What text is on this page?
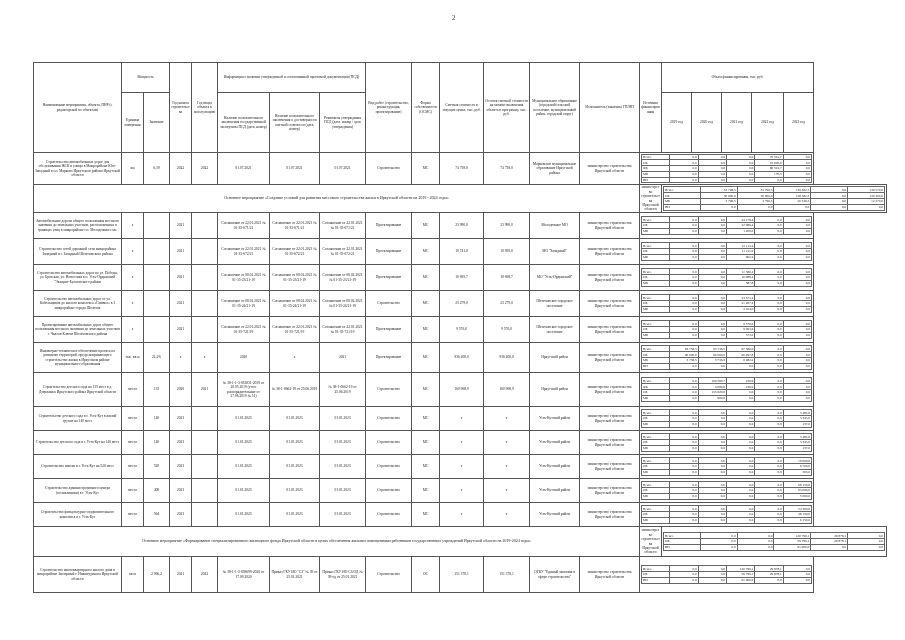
2
Наименование мероприятия, объекта, ПНР (с редакторской по объектам)	Мощность	Год начала строительства	Год ввода объекта в эксплуатацию	Информация о наличии утвержденной и согласованной проектной документации (ПСД)	Вид работ (строительство, реконструкция, проектирование)	Форма собственности (ОСМС)	Сметная стоимость в текущих ценах, тыс. руб.	Остаток сметной стоимости на момент включения объекта в программу, тыс. руб.	Муниципальное образование (городской/сельский поселение, муниципальный район, городской округ)	Исполнитель (заказчик) ГП/НП	Источник финансирования	Объем финансирования, тыс. руб.
Единица измерения	Значение	Наличие положительного заключения государственной экспертизы ПСД (дата, номер)	Наличие положительного заключения о достоверности сметной стоимости (дата, номер)	Реквизиты утверждения ПСД (дата, номер / срок утверждения)	2019 год	2020 год	2021 год	2022 год	2023 год
Строительство автомобильных дорог для обслуживания ЖСК и улицы в Микрорайоне Юго-Западный в г.п. Марково Иркутского района Иркутской области	км	6,39	2022	2022	01.07.2021	01.07.2021	01.07.2021	Строительство	МС	74 758,0	74 758,0	Марковское муниципальное образование Иркутской района	министерство строительства Иркутской области	
Всего	0,0	0,0	0,0	70 591,7	0,0
ОБ	0,0	0,0	0,0	10 000,0	0,0
ФБ	0,0	0,0	0,0	60 591,7	0,0
МБ	0,0	0,0	0,0	170,5	0,0
ВИ	0,0	0,0	0,0	0,0	0,0

Основное мероприятие «Создание условий для развития массового строительства жилья в Иркутской области на 2019 - 2024 годы»	министерство строительства Иркутской области	
Всего	33 796,5	33 796,5	139 562,5	0,0	139 570,0
ОБ	30 000,0	30 000,0	138 582,5	0,0	139 300,0
МБ	3 796,5	3 796,5	20 346,5	0,0	12 270,0
ВИ	0,0	0,0	0,0	0,0	0,0

Автомобильные дороги общего пользования местного значения до земельных участков, расположенных в границах улиц в микрорайоне г.п. Молодежного мо.	х		2021		Соглашение от 22.01.2021 № 01-35-671/21	Соглашение от 22.01.2021 № 01-35-671/21	Соглашение от 22.01.2021 № 01-35-671/21	Проектирование	МС	23 990,0	23 990,0	Молодежное МО	министерство строительства Иркутской области	
Всего	0,0	0,0	24 178,4	0,0	0,0
ОБ	0,0	0,0	22 989,4	0,0	0,0
МБ	0,0	0,0	1 209,0	0,0	0,0

Строительство сетей дорожной сети микрорайона Западный в г. Западный Шелеховского района	х		2021		Соглашение от 22.01.2021 № 01-35-672/21	Соглашение от 22.01.2021 № 01-35-672/21	Соглашение от 22.01.2021 № 01-35-672/21	Проектирование	МС	10 741,0	10 395,0	МО "Западный"	министерство строительства Иркутской области	
Всего	0,0	0,0	12 113,4	0,0	0,0
ОБ	0,0	0,0	11 211,0	0,0	0,0
МБ	0,0	0,0	902,4	0,0	0,0

Строительство автомобильных дорог по ул. Победы, ул. Братская, ул. Новостная в п. Усть-Ордынский "Экхирит-Булагатского района	х		2021		Соглашение от 08.02.2021 № 01-35-23/21-19	Соглашение от 08.02.2021 № 01-35-23/21-19	Соглашение от 08.02.2021 № 01-35-23/21-19	Проектирование	МС	10 695,7	10 698,7	МО "Усть-Ордынский"	министерство строительства Иркутской области	
Всего	0,0	0,0	11 586,4	0,0	0,0
ОБ	0,0	0,0	10 988,4	0,0	0,0
МБ	0,0	0,0	587,8	0,0	0,0

Строительство автомобильных дорог от ул. Кабельщиков до жилого комплекса «Символ» в 3 микрорайоне города Шелехов	х		2021		Соглашение от 08.02.2021 № 01-35-24/21-19	Соглашение от 08.02.2021 № 01-35-24/21-19	Соглашение от 08.02.2021 № 01-35-24/21-19	Строительство	МС	23 279,0	23 279,0	Шелеховское городское поселение	министерство строительства Иркутской области	
Всего	0,0	0,0	23 371,4	0,0	0,0
ОБ	0,0	0,0	21 267,4	0,0	0,0
МБ	0,0	0,0	2 104,0	0,0	0,0

Проектирование автомобильных дорог общего пользования местного значения до земельных участков г. Чкалов Ключи Шелеховского района	х		2021		Соглашение от 22.01.2021 № 01-35-721/19	Соглашение от 22.01.2021 № 01-35-721/19	Соглашение от 22.01.2021 № 01-35-721/19	Проектирование	МС	9 576,0	9 576,0	Шелеховское городское поселение	министерство строительства Иркутской области	
Всего	0,0	0,0	9 576,0	0,0	0,0
ОБ	0,0	0,0	9 003,6	0,0	0,0
МБ	0,0	0,0	573,0	0,0	0,0

Инженерно-техническое обеспечение проекта по развитию территорий, предусматривающего строительство жилья в Иркутском районе муниципального образования	тыс. кв.м	22,2%	х	х	2020	х	2021	Проектирование	МС	936 200,0	936 200,0	Иркутский район	министерство строительства Иркутской области	
Всего	93 736,5	93 736,5	67 580,0	0,0	0,0
ОБ	90 000,0	90 000,0	60 497,8	0,0	0,0
МБ	3 736,5	3 736,5	6 482,2	0,0	0,0
ВИ	0,0	0,0	0,0	0,0	0,0

Строительство детского сада на 135 мест в д. Дзержинск Иркутского района Иркутской области	места	135	2020	2021	№ 38-1-1-3-033831-2019 от 20.05.2019 (уточ. распорядительные от 27.06.2019 № 51)	№ 38-1-0662-19 от 25.06.2019	№ 38-1-0662-19 от 25.06.2019	Строительство	МС	160 968,9	160 968,9	Иркутский район	министерство строительства Иркутской области	
Всего	0,0	160 569,7	236,9	0,0	0,0
ФБ	0,0	4 089,0	236,9	0,0	0,0
ОБ	0,0	155 620,0	0,0	0,0	0,0
МБ	0,0	960,0	0,0	0,0	0,0

Строительство детского сада в г. Усть-Кут в жилой группе на 140 мест	места	140	2023		01.01.2023	01.01.2023	01.01.2023	Строительство	МС	х	х	Усть-Кутский район	министерство строительства Иркутской области	
Всего	0,0	0,0	0,0	0,0	3 482,0
ОБ	0,0	0,0	0,0	0,0	3 345,0
МБ	0,0	0,0	0,0	0,0	137,0

Строительство детского сада в г. Усть-Кут на 140 мест	места	140	2023		01.01.2023	01.01.2023	01.01.2023	Строительство	МС	х	х	Усть-Кутский район	министерство строительства Иркутской области	
Всего	0,0	0,0	0,0	0,0	3 482,0
ОБ	0,0	0,0	0,0	0,0	3 345,0
МБ	0,0	0,0	0,0	0,0	137,0

Строительство школы в г. Усть-Кут на 520 мест	места	520	2023		01.01.2023	01.01.2023	01.01.2023	Строительство	МС	х	х	Усть-Кутский район	министерство строительства Иркутской области	
Всего	0,0	0,0	0,0	0,0	10 000,0
ОБ	0,0	0,0	0,0	0,0	9 700,0
МБ	0,0	0,0	0,0	0,0	300,0

Строительство административного центра (поликлиники) в г. Усть-Кут	места	400	2023		01.01.2023	01.01.2023	01.01.2023	Строительство	МС	х	х	Усть-Кутский район	министерство строительства Иркутской области	
Всего	0,0	0,0	0,0	0,0	68 150,0
ОБ	0,0	0,0	0,0	0,0	63 090,0
МБ	0,0	0,0	0,0	0,0	5 060,0

Строительство физкультурно-оздоровительного комплекса в г. Усть-Кут	места	564	2023		01.01.2023	01.01.2023	01.01.2023	Строительство	МС	х	х	Усть-Кутский район	министерство строительства Иркутской области	
Всего	0,0	0,0	0,0	0,0	54 300,0
ОБ	0,0	0,0	0,0	0,0	48 150,0
МБ	0,0	0,0	0,0	0,0	6 150,0

Основное мероприятие «Формирование специализированного жилищного фонда Иркутской области в целях обеспечения жилыми помещениями работников государственных учреждений Иркутской области на 2019-2024 годы»	министерство строительства Иркутской области	
Всего	0,0	0,0	120 799,1	29 878,1	0,0
ОБ	0,0	0,0	59 799,1	29 878,1	0,0
ВИ	0,0	0,0	61 000,0	0,0	0,0

Строительство многоквартирного жилого дома в микрорайоне Заозерный г. Нижнеудинска Иркутской области	кв.м	2 966,2	2021	2022	№ 38-1-1-3-058699-2020 от 17.09.2020	Приказ ГКУ ИО "СЗ" № 39 от 25.01.2021	Приказ ГКУ ИО СЗ/ОД № 39-од от 25.01.2021	Строительство	ОС	151 378,1	151 378,1	ОГКУ "Единый заказчик в сфере строительства"	министерство строительства Иркутской области	
Всего	0,0	0,0	120 799,1	29 878,1	0,0
ОБ	0,0	0,0	59 799,1	29 878,1	0,0
ВИ	0,0	0,0	61 000,0	0,0	0,0
